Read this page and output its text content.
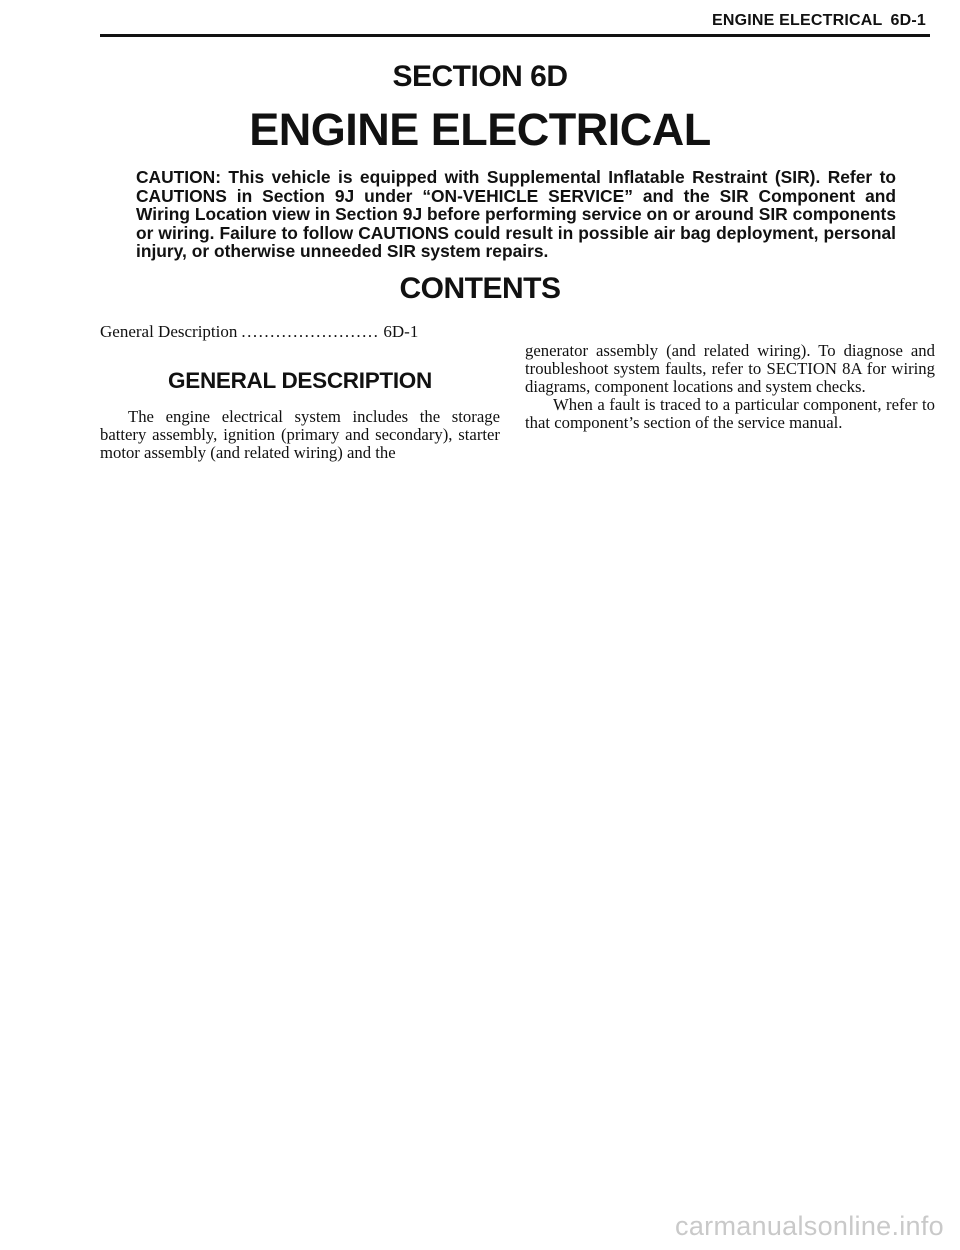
ENGINE ELECTRICAL 6D-1
SECTION 6D
ENGINE ELECTRICAL

CAUTION: This vehicle is equipped with Supplemental Inflatable Restraint (SIR). Refer to CAUTIONS in Section 9J under “ON-VEHICLE SERVICE” and the SIR Component and Wiring Location view in Section 9J before performing service on or around SIR components or wiring. Failure to follow CAUTIONS could result in possible air bag deployment, personal injury, or otherwise unneeded SIR system repairs.

CONTENTS
General Description ........................ 6D-1
GENERAL DESCRIPTION

The engine electrical system includes the storage battery assembly, ignition (primary and secondary), starter motor assembly (and related wiring) and the

generator assembly (and related wiring). To diagnose and troubleshoot system faults, refer to SECTION 8A for wiring diagrams, component locations and system checks.

When a fault is traced to a particular component, refer to that component’s section of the service manual.

carmanualsonline.info
